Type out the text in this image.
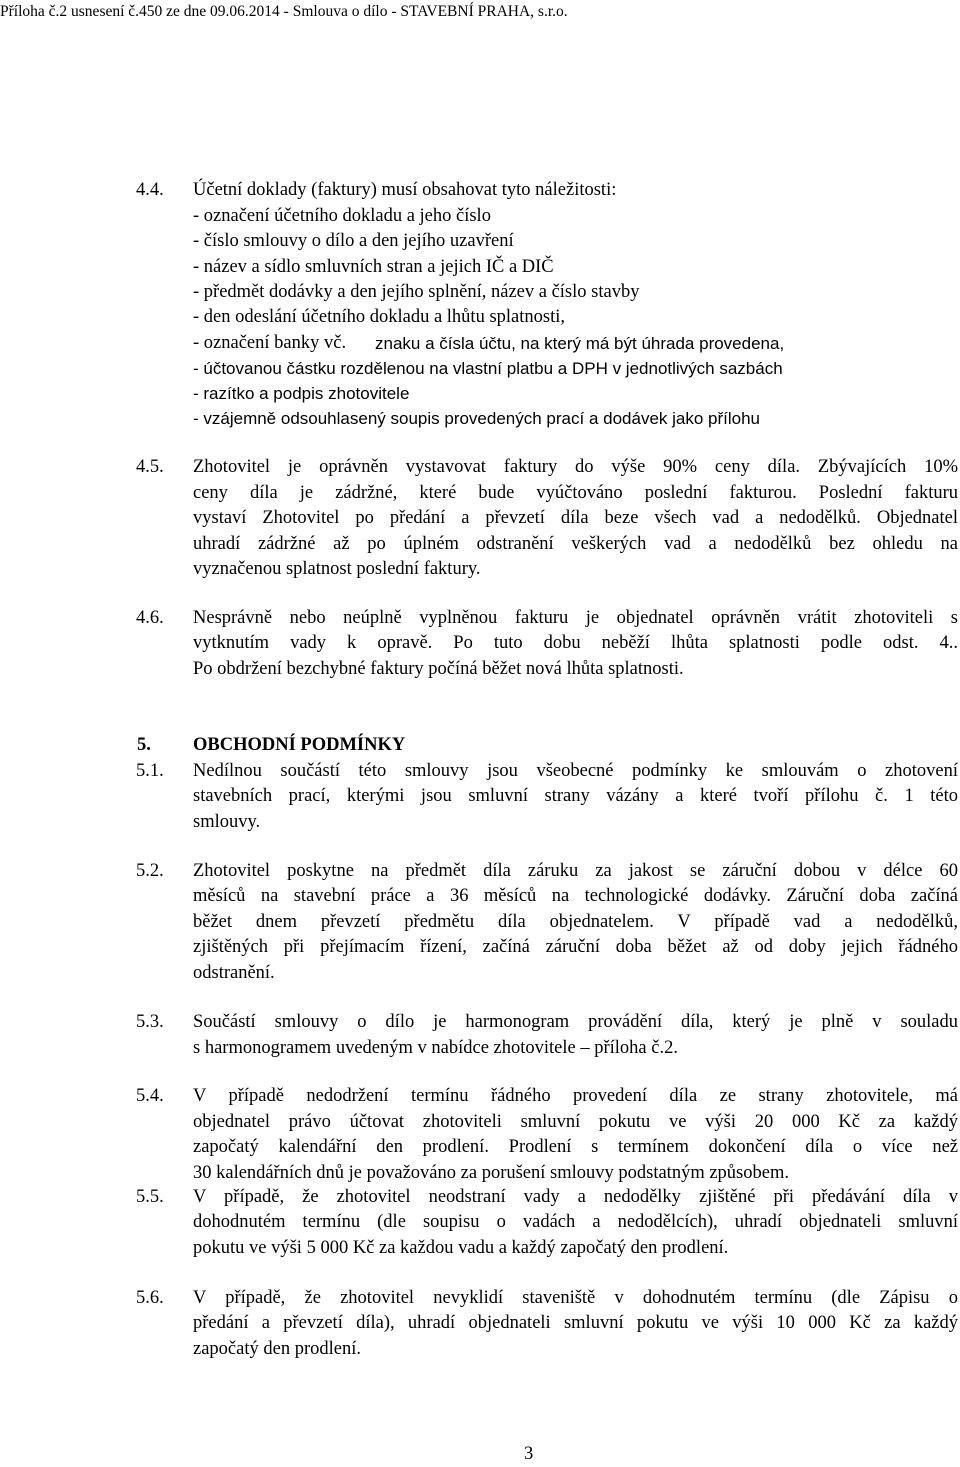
Příloha č.2 usnesení č.450 ze dne 09.06.2014 - Smlouva o dílo - STAVEBNÍ PRAHA, s.r.o.
4.4. Účetní doklady (faktury) musí obsahovat tyto náležitosti:
- označení účetního dokladu a jeho číslo
- číslo smlouvy o dílo a den jejího uzavření
- název a sídlo smluvních stran a jejich IČ a DIČ
- předmět dodávky a den jejího splnění, název a číslo stavby
- den odeslání účetního dokladu a lhůtu splatnosti,
- označení banky vč. znaku a čísla účtu, na který má být úhrada provedena,
- účtovanou částku rozdělenou na vlastní platbu a DPH v jednotlivých sazbách
- razítko a podpis zhotovitele
- vzájemně odsouhlasený soupis provedených prací a dodávek jako přílohu
4.5. Zhotovitel je oprávněn vystavovat faktury do výše 90% ceny díla. Zbývajících 10%
ceny díla je zádržné, které bude vyúčtováno poslední fakturou. Poslední fakturu
vystaví Zhotovitel po předání a převzetí díla beze všech vad a nedodělků. Objednatel
uhradí zádržné až po úplném odstranění veškerých vad a nedodělků bez ohledu na
vyznačenou splatnost poslední faktury.
4.6. Nesprávně nebo neúplně vyplněnou fakturu je objednatel oprávněn vrátit zhotoviteli s
vytknutím vady k opravě. Po tuto dobu neběží lhůta splatnosti podle odst. 4..
Po obdržení bezchybné faktury počíná běžet nová lhůta splatnosti.
5. OBCHODNÍ PODMÍNKY
5.1. Nedílnou součástí této smlouvy jsou všeobecné podmínky ke smlouvám o zhotovení
stavebních prací, kterými jsou smluvní strany vázány a které tvoří přílohu č. 1 této
smlouvy.
5.2. Zhotovitel poskytne na předmět díla záruku za jakost se záruční dobou v délce 60
měsíců na stavební práce a 36 měsíců na technologické dodávky. Záruční doba začíná
běžet dnem převzetí předmětu díla objednatelem. V případě vad a nedodělků,
zjištěných při přejímacím řízení, začíná záruční doba běžet až od doby jejich řádného
odstranění.
5.3. Součástí smlouvy o dílo je harmonogram provádění díla, který je plně v souladu
s harmonogramem uvedeným v nabídce zhotovitele – příloha č.2.
5.4. V případě nedodržení termínu řádného provedení díla ze strany zhotovitele, má
objednatel právo účtovat zhotoviteli smluvní pokutu ve výši 20 000 Kč za každý
započatý kalendářní den prodlení. Prodlení s termínem dokončení díla o více než
30 kalendářních dnů je považováno za porušení smlouvy podstatným způsobem.
5.5. V případě, že zhotovitel neodstraní vady a nedodělky zjištěné při předávání díla v
dohodnutém termínu (dle soupisu o vadách a nedodělcích), uhradí objednateli smluvní
pokutu ve výši 5 000 Kč za každou vadu a každý započatý den prodlení.
5.6. V případě, že zhotovitel nevyklidí staveniště v dohodnutém termínu (dle Zápisu o
předání a převzetí díla), uhradí objednateli smluvní pokutu ve výši 10 000 Kč za každý
započatý den prodlení.
3
